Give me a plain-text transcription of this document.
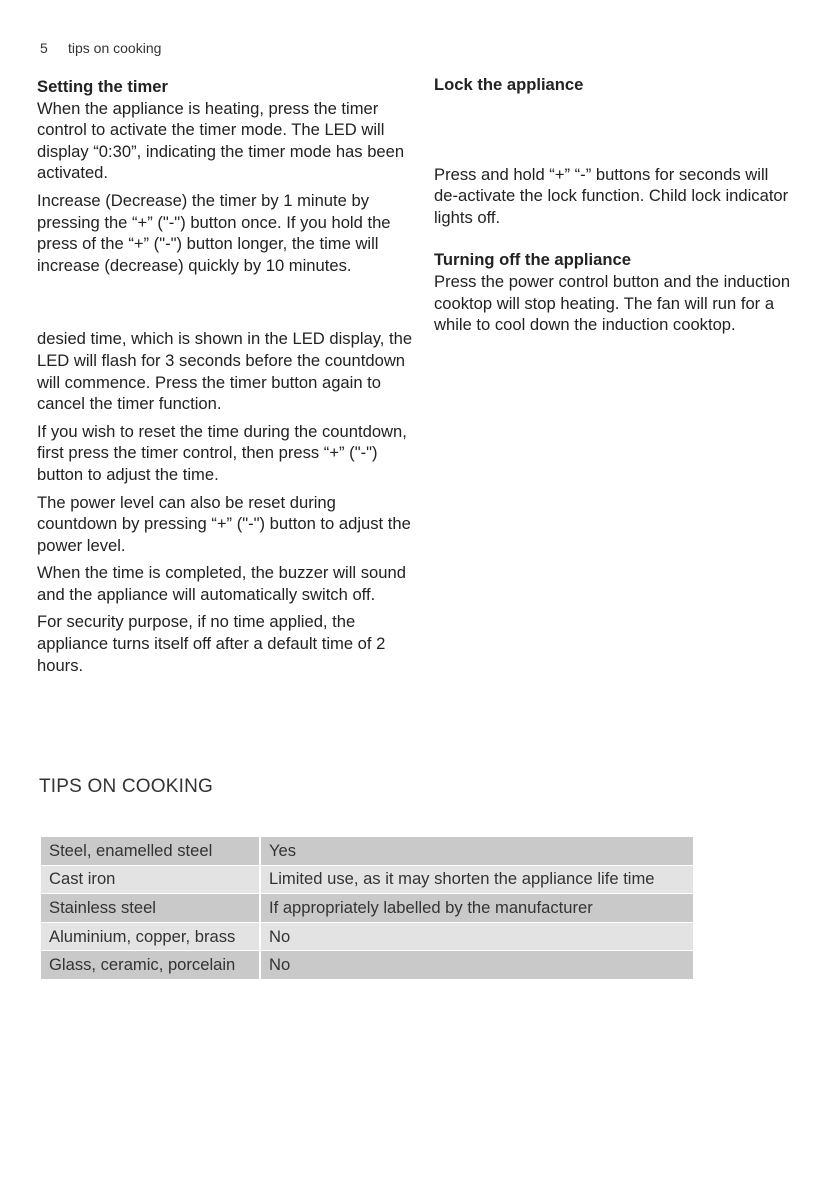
5 tips on cooking

Setting the timer

When the appliance is heating, press the timer control to activate the timer mode. The LED will display “0:30”, indicating the timer mode has been activated.

Increase (Decrease) the timer by 1 minute by pressing the “+” ("-") button once. If you hold the press of the “+” ("-") button longer, the time will increase (decrease) quickly by 10 minutes.

desied time, which is shown in the LED display, the LED will flash for 3 seconds before the countdown will commence. Press the timer button again to cancel the timer function.

If you wish to reset the time during the countdown, first press the timer control, then press “+” ("-") button to adjust the time.

The power level can also be reset during countdown by pressing “+” ("-") button to adjust the power level.

When the time is completed, the buzzer will sound and the appliance will automatically switch off.

For security purpose, if no time applied, the appliance turns itself off after a default time of 2 hours.

Lock the appliance

Press and hold “+” “-” buttons for seconds will de-activate the lock function. Child lock indicator lights off.

Turning off the appliance

Press the power control button and the induction cooktop will stop heating. The fan will run for a while to cool down the induction cooktop.

TIPS ON COOKING
Steel, enamelled steel	Yes
Cast iron	Limited use, as it may shorten the appliance life time
Stainless steel	If appropriately labelled by the manufacturer
Aluminium, copper, brass	No
Glass, ceramic, porcelain	No
